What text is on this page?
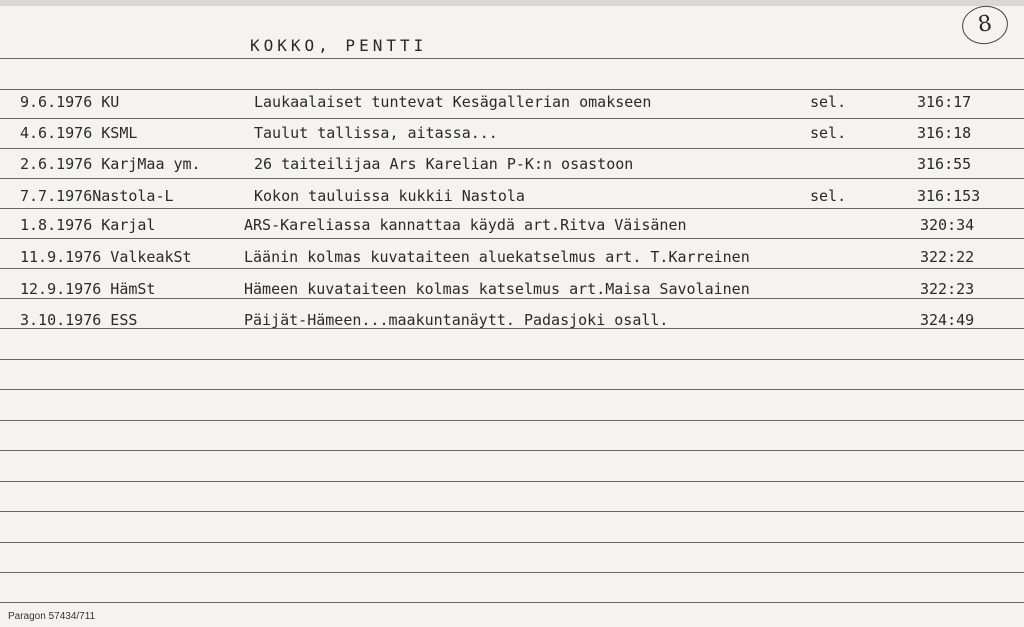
KOKKO, PENTTI
8
9.6.1976 KU	Laukaalaiset tuntevat Kesägallerian omakseen	sel.	316:17
4.6.1976 KSML	Taulut tallissa, aitassa...	sel.	316:18
2.6.1976 KarjMaa ym.	26 taiteilijaa Ars Karelian P-K:n osastoon	316:55
7.7.1976Nastola-L	Kokon tauluissa kukkii Nastola	sel.	316:153
1.8.1976 Karjal	ARS-Kareliassa kannattaa käydä art.Ritva Väisänen	320:34
11.9.1976 ValkeakSt	Läänin kolmas kuvataiteen aluekatselmus art. T.Karreinen	322:22
12.9.1976 HämSt	Hämeen kuvataiteen kolmas katselmus art.Maisa Savolainen	322:23
3.10.1976 ESS	Päijät-Hämeen...maakuntanäytt. Padasjoki osall.	324:49
Paragon 57434/711
